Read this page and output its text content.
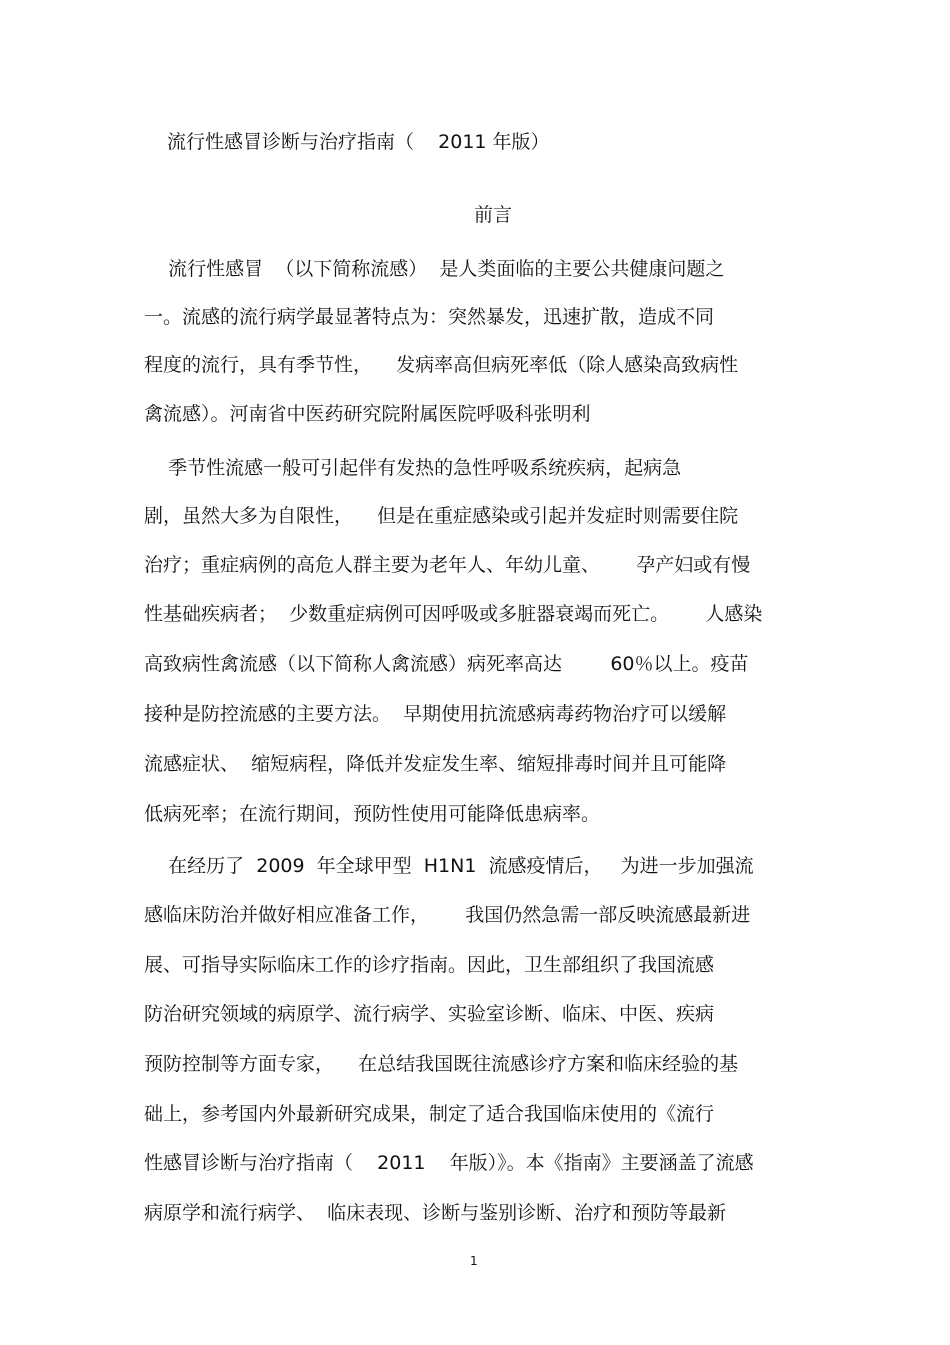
流行性感冒诊断与治疗指南（    2011 年版）
前言
流行性感冒  （以下简称流感）  是人类面临的主要公共健康问题之
一。流感的流行病学最显著特点为：突然暴发，迅速扩散，造成不同
程度的流行，具有季节性，    发病率高但病死率低（除人感染高致病性
禽流感）。河南省中医药研究院附属医院呼吸科张明利
季节性流感一般可引起伴有发热的急性呼吸系统疾病，起病急
剧，虽然大多为自限性，    但是在重症感染或引起并发症时则需要住院
治疗；重症病例的高危人群主要为老年人、年幼儿童、      孕产妇或有慢
性基础疾病者；  少数重症病例可因呼吸或多脏器衰竭而死亡。      人感染
高致病性禽流感（以下简称人禽流感）病死率高达        60％以上。疫苗
接种是防控流感的主要方法。  早期使用抗流感病毒药物治疗可以缓解
流感症状、  缩短病程，降低并发症发生率、缩短排毒时间并且可能降
低病死率；在流行期间，预防性使用可能降低患病率。
在经历了  2009  年全球甲型  H1N1  流感疫情后，   为进一步加强流
感临床防治并做好相应准备工作，      我国仍然急需一部反映流感最新进
展、可指导实际临床工作的诊疗指南。因此，卫生部组织了我国流感
防治研究领域的病原学、流行病学、实验室诊断、临床、中医、疾病
预防控制等方面专家，    在总结我国既往流感诊疗方案和临床经验的基
础上，参考国内外最新研究成果，制定了适合我国临床使用的《流行
性感冒诊断与治疗指南（    2011    年版）》。本《指南》主要涵盖了流感
病原学和流行病学、  临床表现、诊断与鉴别诊断、治疗和预防等最新
1
